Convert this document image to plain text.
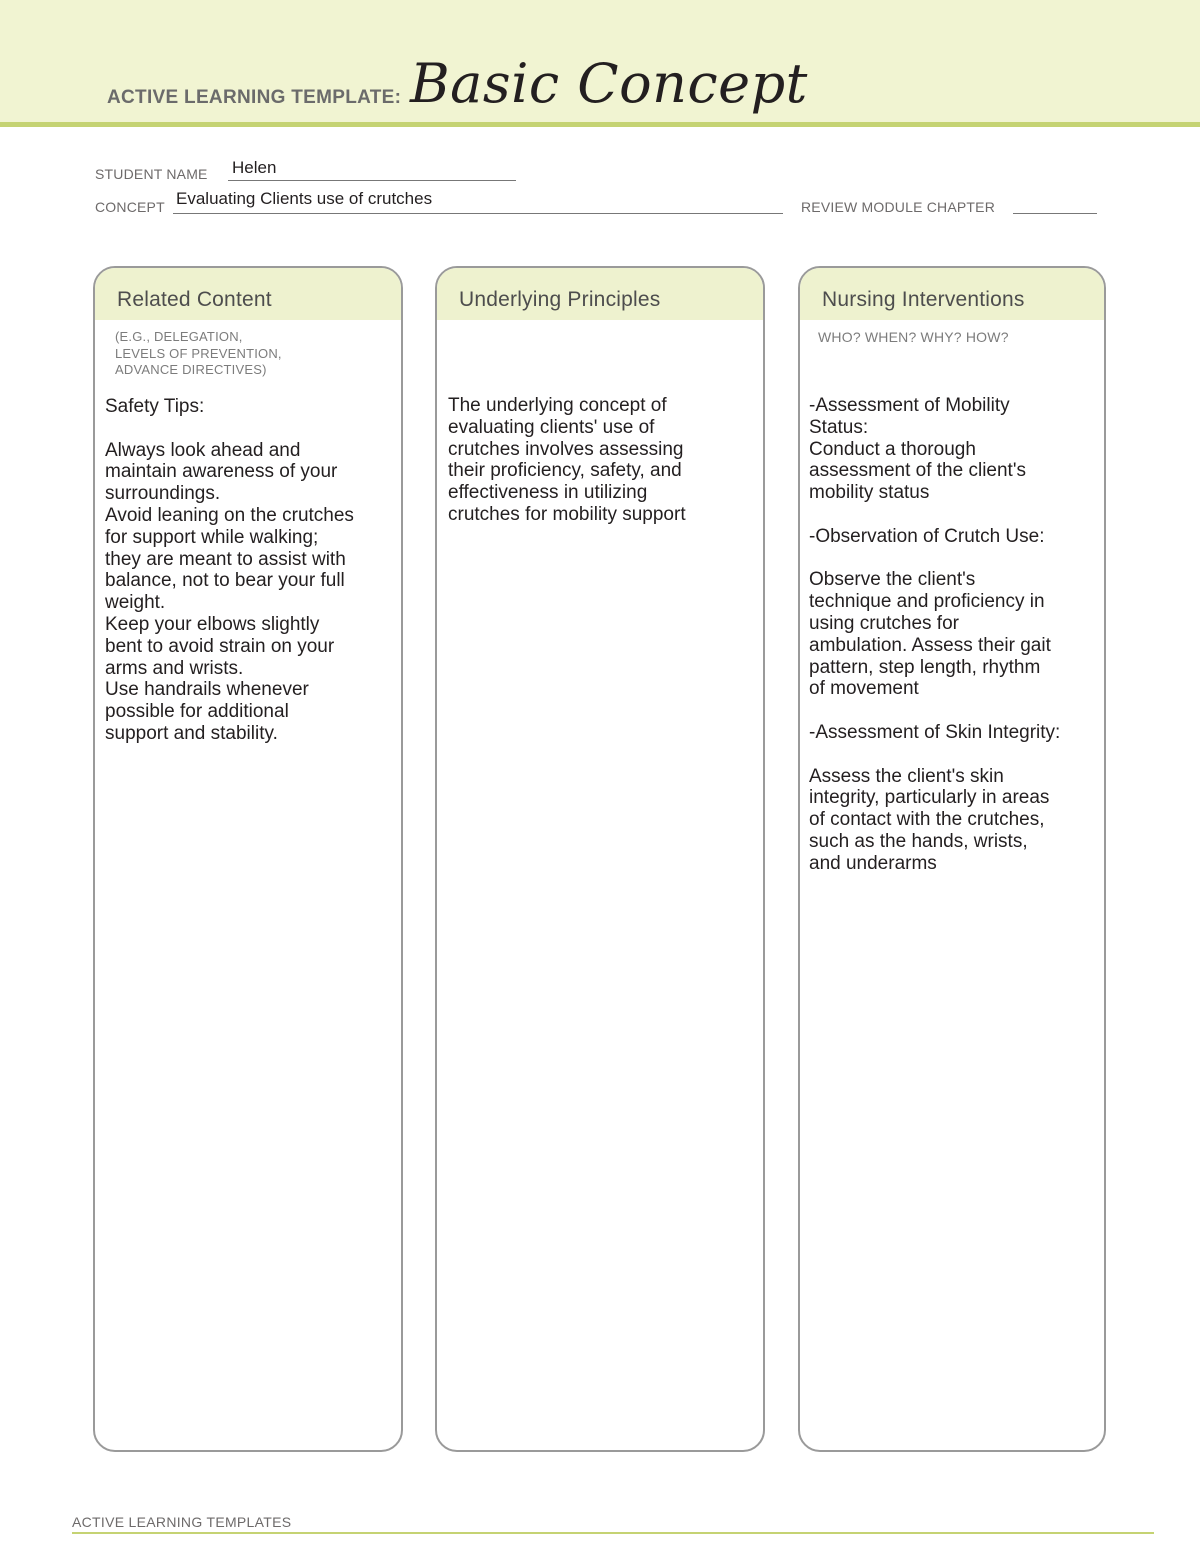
ACTIVE LEARNING TEMPLATE: Basic Concept
STUDENT NAME Helen
CONCEPT Evaluating Clients use of crutches	REVIEW MODULE CHAPTER
Related Content
(E.G., DELEGATION,
LEVELS OF PREVENTION,
ADVANCE DIRECTIVES)
Safety Tips:

Always look ahead and
maintain awareness of your
surroundings.
Avoid leaning on the crutches
for support while walking;
they are meant to assist with
balance, not to bear your full
weight.
Keep your elbows slightly
bent to avoid strain on your
arms and wrists.
Use handrails whenever
possible for additional
support and stability.
Underlying Principles
The underlying concept of
evaluating clients' use of
crutches involves assessing
their proficiency, safety, and
effectiveness in utilizing
crutches for mobility support
Nursing Interventions
WHO? WHEN? WHY? HOW?
-Assessment of Mobility
Status:
Conduct a thorough
assessment of the client's
mobility status

-Observation of Crutch Use:

Observe the client's
technique and proficiency in
using crutches for
ambulation. Assess their gait
pattern, step length, rhythm
of movement

-Assessment of Skin Integrity:

Assess the client's skin
integrity, particularly in areas
of contact with the crutches,
such as the hands, wrists,
and underarms
ACTIVE LEARNING TEMPLATES
